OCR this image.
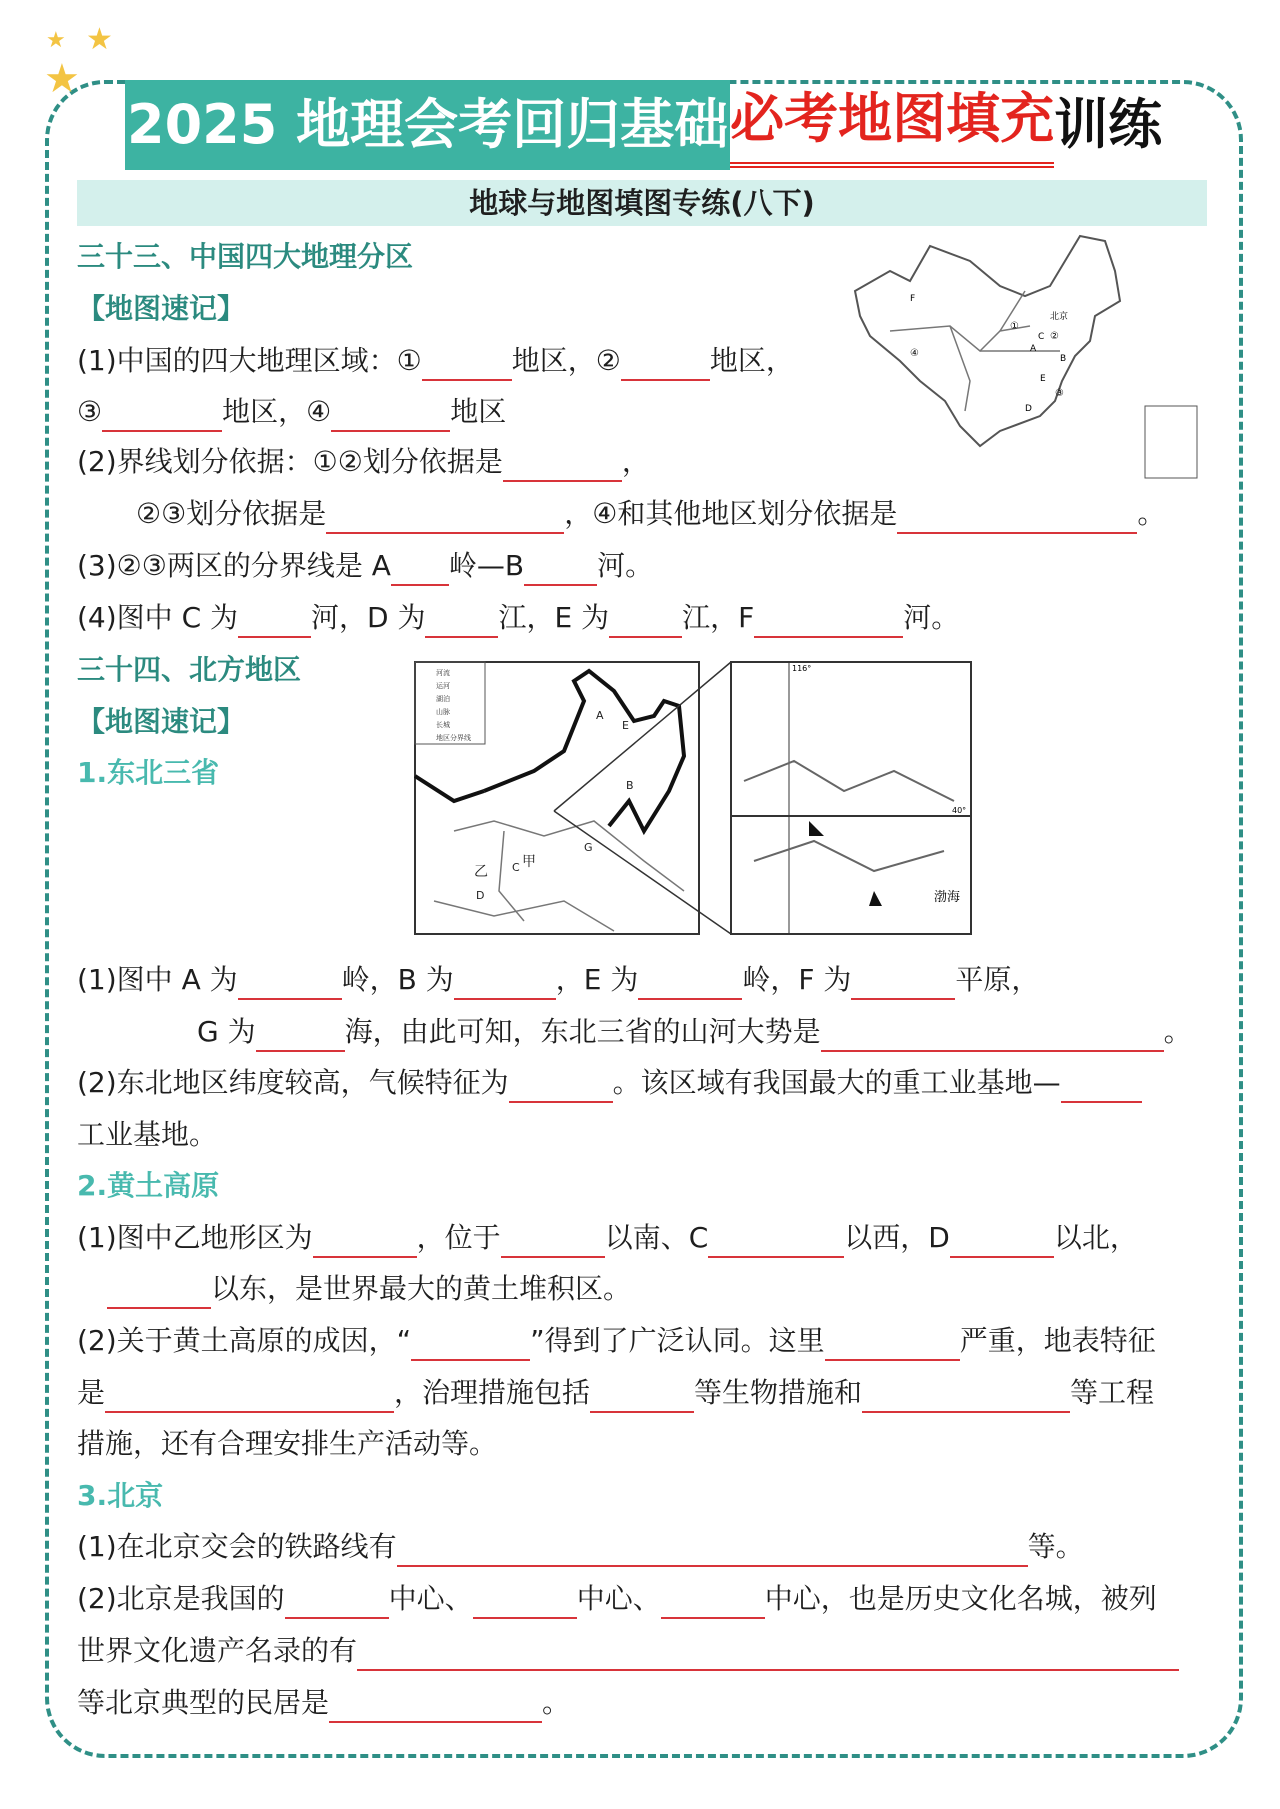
★ ★
★
2025 地理会考回归基础 必考地图填充 训练
地球与地图填图专练(八下)
F
①
北京
C ②
A
B
④
E
③
D
河流
运河
湖泊
山脉
长城
地区分界线
A
B
C
D
E
G
甲
乙
116°
40°
渤海
三十三、中国四大地理分区
【地图速记】
(1)中国的四大地理区域：①	地区，②	地区，
③	地区，④	地区
(2)界线划分依据：①②划分依据是	，
②③划分依据是	，④和其他地区划分依据是	。
(3)②③两区的分界线是 A 岭—B	河。
(4)图中 C 为	河，D 为	江，E 为	江，F	河。
三十四、北方地区
【地图速记】
1.东北三省
(1)图中 A 为	岭，B 为	，E 为	岭，F 为	平原，
G 为	海，由此可知，东北三省的山河大势是	。
(2)东北地区纬度较高，气候特征为	。该区域有我国最大的重工业基地—
工业基地。
2.黄土高原
(1)图中乙地形区为	，位于	以南、C	以西，D	以北，
以东，是世界最大的黄土堆积区。
(2)关于黄土高原的成因，“	”得到了广泛认同。这里	严重，地表特征
是	，治理措施包括	等生物措施和	等工程
措施，还有合理安排生产活动等。
3.北京
(1)在北京交会的铁路线有	等。
(2)北京是我国的	中心、	中心、	中心，也是历史文化名城，被列
世界文化遗产名录的有
等北京典型的民居是	。
